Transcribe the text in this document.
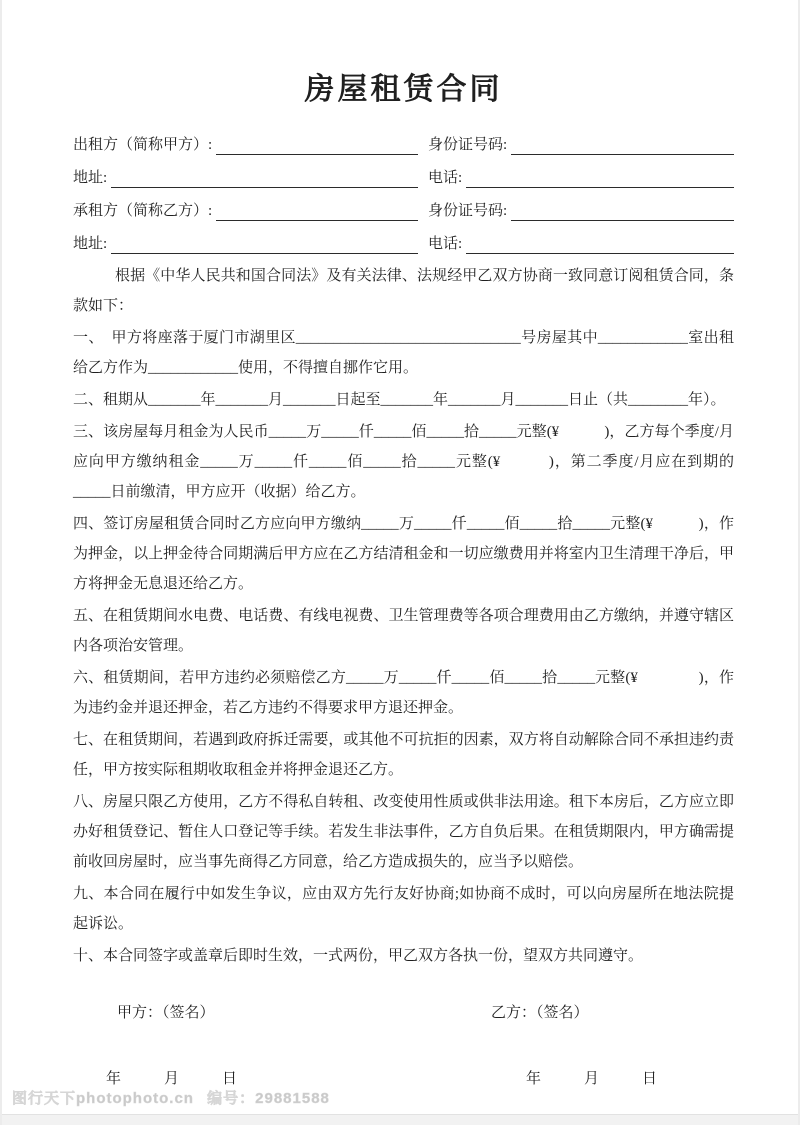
房屋租赁合同
出租方（简称甲方）:	身份证号码:
地址:	电话:
承租方（简称乙方）:	身份证号码:
地址:	电话:

根据《中华人民共和国合同法》及有关法律、法规经甲乙双方协商一致同意订阅租赁合同，条款如下：

一、　甲方将座落于厦门市湖里区______________________________号房屋其中____________室出租给乙方作为____________使用，不得擅自挪作它用。

二、租期从_______年_______月_______日起至_______年_______月_______日止（共________年）。

三、该房屋每月租金为人民币_____万_____仟_____佰_____拾_____元整(¥　　　)，乙方每个季度/月应向甲方缴纳租金_____万_____仟_____佰_____拾_____元整(¥　　　)，第二季度/月应在到期的_____日前缴清，甲方应开（收据）给乙方。

四、签订房屋租赁合同时乙方应向甲方缴纳_____万_____仟_____佰_____拾_____元整(¥　　　)，作为押金，以上押金待合同期满后甲方应在乙方结清租金和一切应缴费用并将室内卫生清理干净后，甲方将押金无息退还给乙方。

五、在租赁期间水电费、电话费、有线电视费、卫生管理费等各项合理费用由乙方缴纳，并遵守辖区内各项治安管理。

六、租赁期间，若甲方违约必须赔偿乙方_____万_____仟_____佰_____拾_____元整(¥　　　　)，作为违约金并退还押金，若乙方违约不得要求甲方退还押金。

七、在租赁期间，若遇到政府拆迁需要，或其他不可抗拒的因素，双方将自动解除合同不承担违约责任，甲方按实际租期收取租金并将押金退还乙方。

八、房屋只限乙方使用，乙方不得私自转租、改变使用性质或供非法用途。租下本房后，乙方应立即办好租赁登记、暂住人口登记等手续。若发生非法事件，乙方自负后果。在租赁期限内，甲方确需提前收回房屋时，应当事先商得乙方同意，给乙方造成损失的，应当予以赔偿。

九、本合同在履行中如发生争议，应由双方先行友好协商;如协商不成时，可以向房屋所在地法院提起诉讼。

十、本合同签字或盖章后即时生效，一式两份，甲乙双方各执一份，望双方共同遵守。

甲方：（签名）	乙方：（签名）
年	月	日	年	月	日
图行天下photophoto.cn 编号：29881588
